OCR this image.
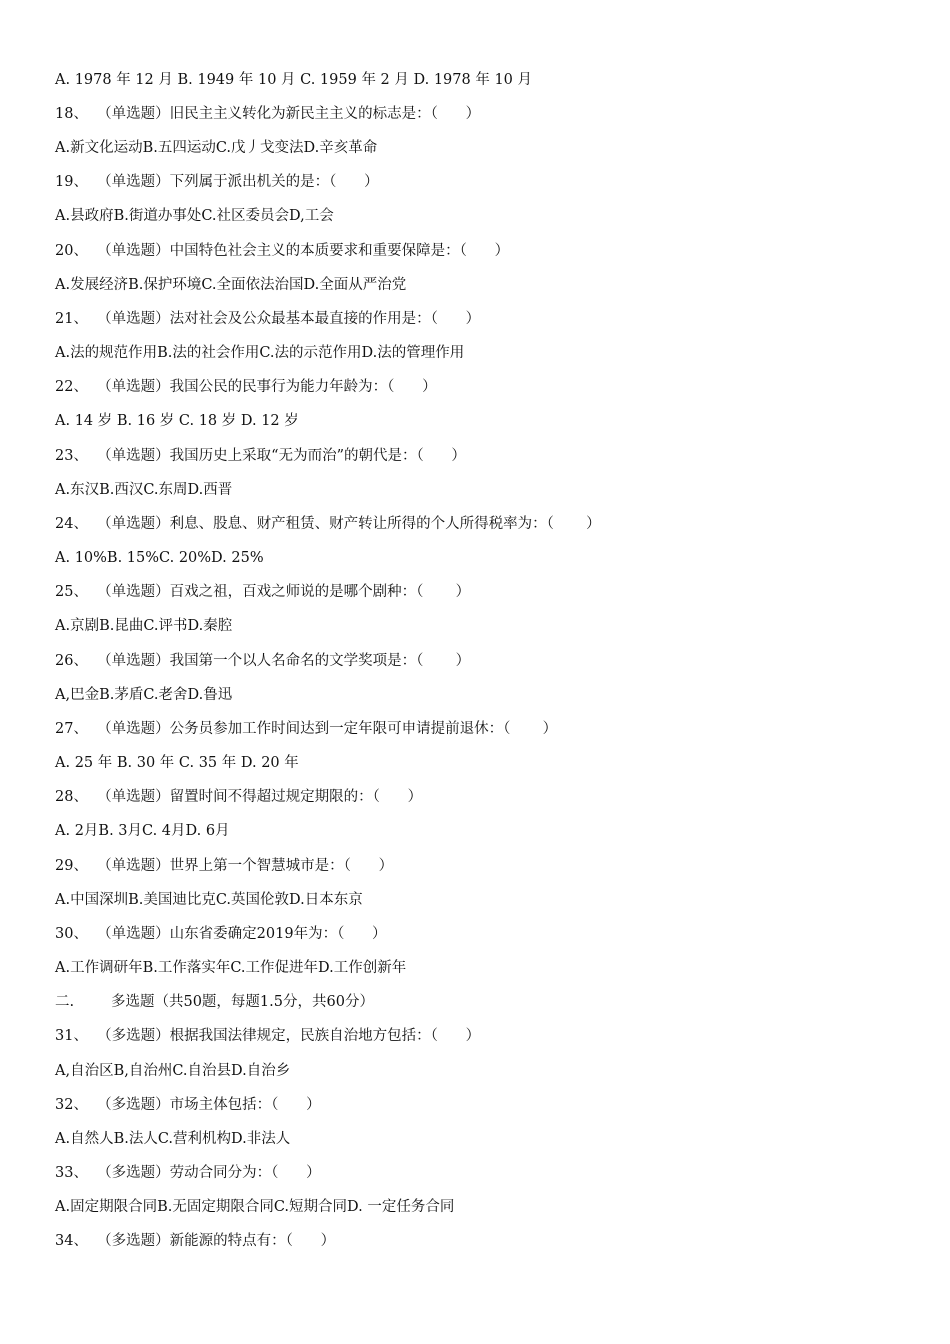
A. 1978 年 12 月 B. 1949 年 10 月 C. 1959 年 2 月 D. 1978 年 10 月
18、  （单选题）旧民主主义转化为新民主主义的标志是：（      ）
A.新文化运动B.五四运动C.戊丿戈变法D.辛亥革命
19、  （单选题）下列属于派出机关的是：（      ）
A.县政府B.街道办事处C.社区委员会D,工会
20、  （单选题）中国特色社会主义的本质要求和重要保障是：（      ）
A.发展经济B.保护环境C.全面依法治国D.全面从严治党
21、  （单选题）法对社会及公众最基本最直接的作用是：（      ）
A.法的规范作用B.法的社会作用C.法的示范作用D.法的管理作用
22、  （单选题）我国公民的民事行为能力年龄为：（      ）
A. 14 岁 B. 16 岁 C. 18 岁 D. 12 岁
23、  （单选题）我国历史上采取“无为而治”的朝代是：（      ）
A.东汉B.西汉C.东周D.西晋
24、  （单选题）利息、股息、财产租赁、财产转让所得的个人所得税率为：（       ）
A. 10%B. 15%C. 20%D. 25%
25、  （单选题）百戏之祖，百戏之师说的是哪个剧种：（       ）
A.京剧B.昆曲C.评书D.秦腔
26、  （单选题）我国第一个以人名命名的文学奖项是：（       ）
A,巴金B.茅盾C.老舍D.鲁迅
27、  （单选题）公务员参加工作时间达到一定年限可申请提前退休：（       ）
A. 25 年 B. 30 年 C. 35 年 D. 20 年
28、  （单选题）留置时间不得超过规定期限的：（      ）
A. 2月B. 3月C. 4月D. 6月
29、  （单选题）世界上第一个智慧城市是：（      ）
A.中国深圳B.美国迪比克C.英国伦敦D.日本东京
30、  （单选题）山东省委确定2019年为：（      ）
A.工作调研年B.工作落实年C.工作促进年D.工作创新年
二.        多选题（共50题，每题1.5分，共60分）
31、  （多选题）根据我国法律规定，民族自治地方包括：（      ）
A,自治区B,自治州C.自治县D.自治乡
32、  （多选题）市场主体包括：（      ）
A.自然人B.法人C.营利机构D.非法人
33、  （多选题）劳动合同分为：（      ）
A.固定期限合同B.无固定期限合同C.短期合同D. 一定任务合同
34、  （多选题）新能源的特点有：（      ）
